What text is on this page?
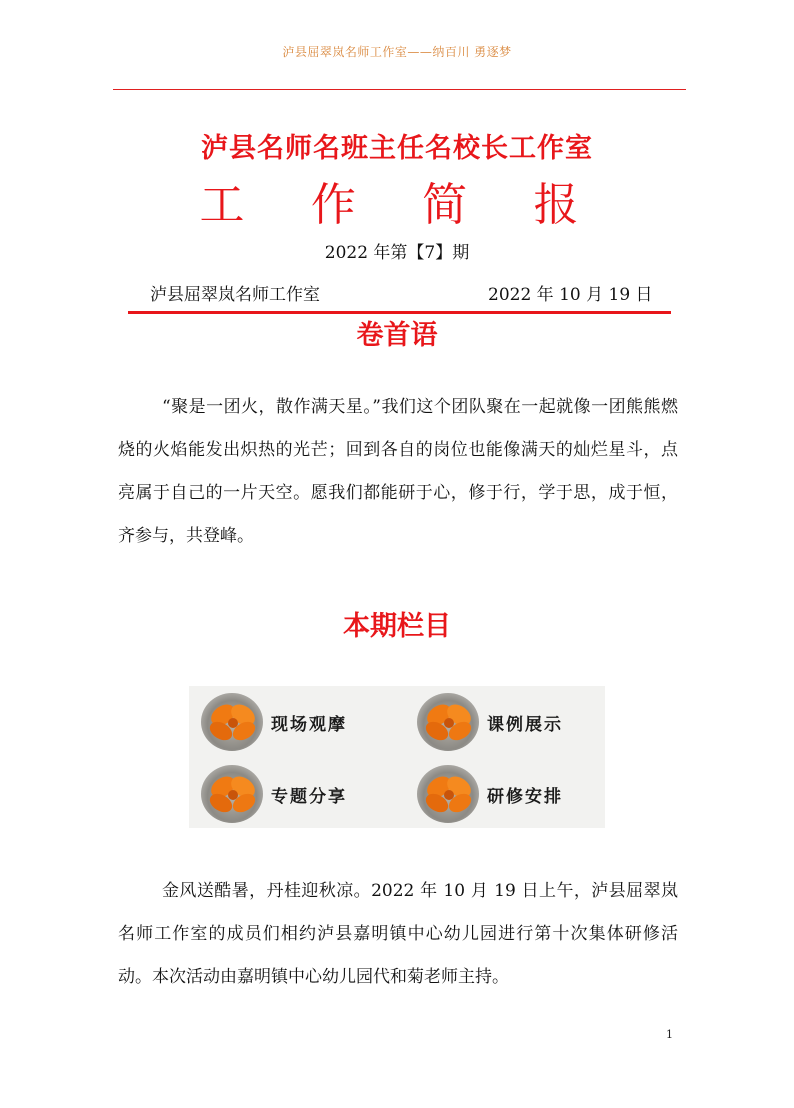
泸县屈翠岚名师工作室——纳百川 勇逐梦
泸县名师名班主任名校长工作室
工 作 简 报
2022 年第【7】期
泸县屈翠岚名师工作室	2022 年 10 月 19 日
卷首语
“聚是一团火，散作满天星。”我们这个团队聚在一起就像一团熊熊燃烧的火焰能发出炽热的光芒；回到各自的岗位也能像满天的灿烂星斗，点亮属于自己的一片天空。愿我们都能研于心，修于行，学于思，成于恒，齐参与，共登峰。
本期栏目
现场观摩	课例展示
专题分享	研修安排
金风送酷暑，丹桂迎秋凉。2022 年 10 月 19 日上午，泸县屈翠岚名师工作室的成员们相约泸县嘉明镇中心幼儿园进行第十次集体研修活动。本次活动由嘉明镇中心幼儿园代和菊老师主持。
1
